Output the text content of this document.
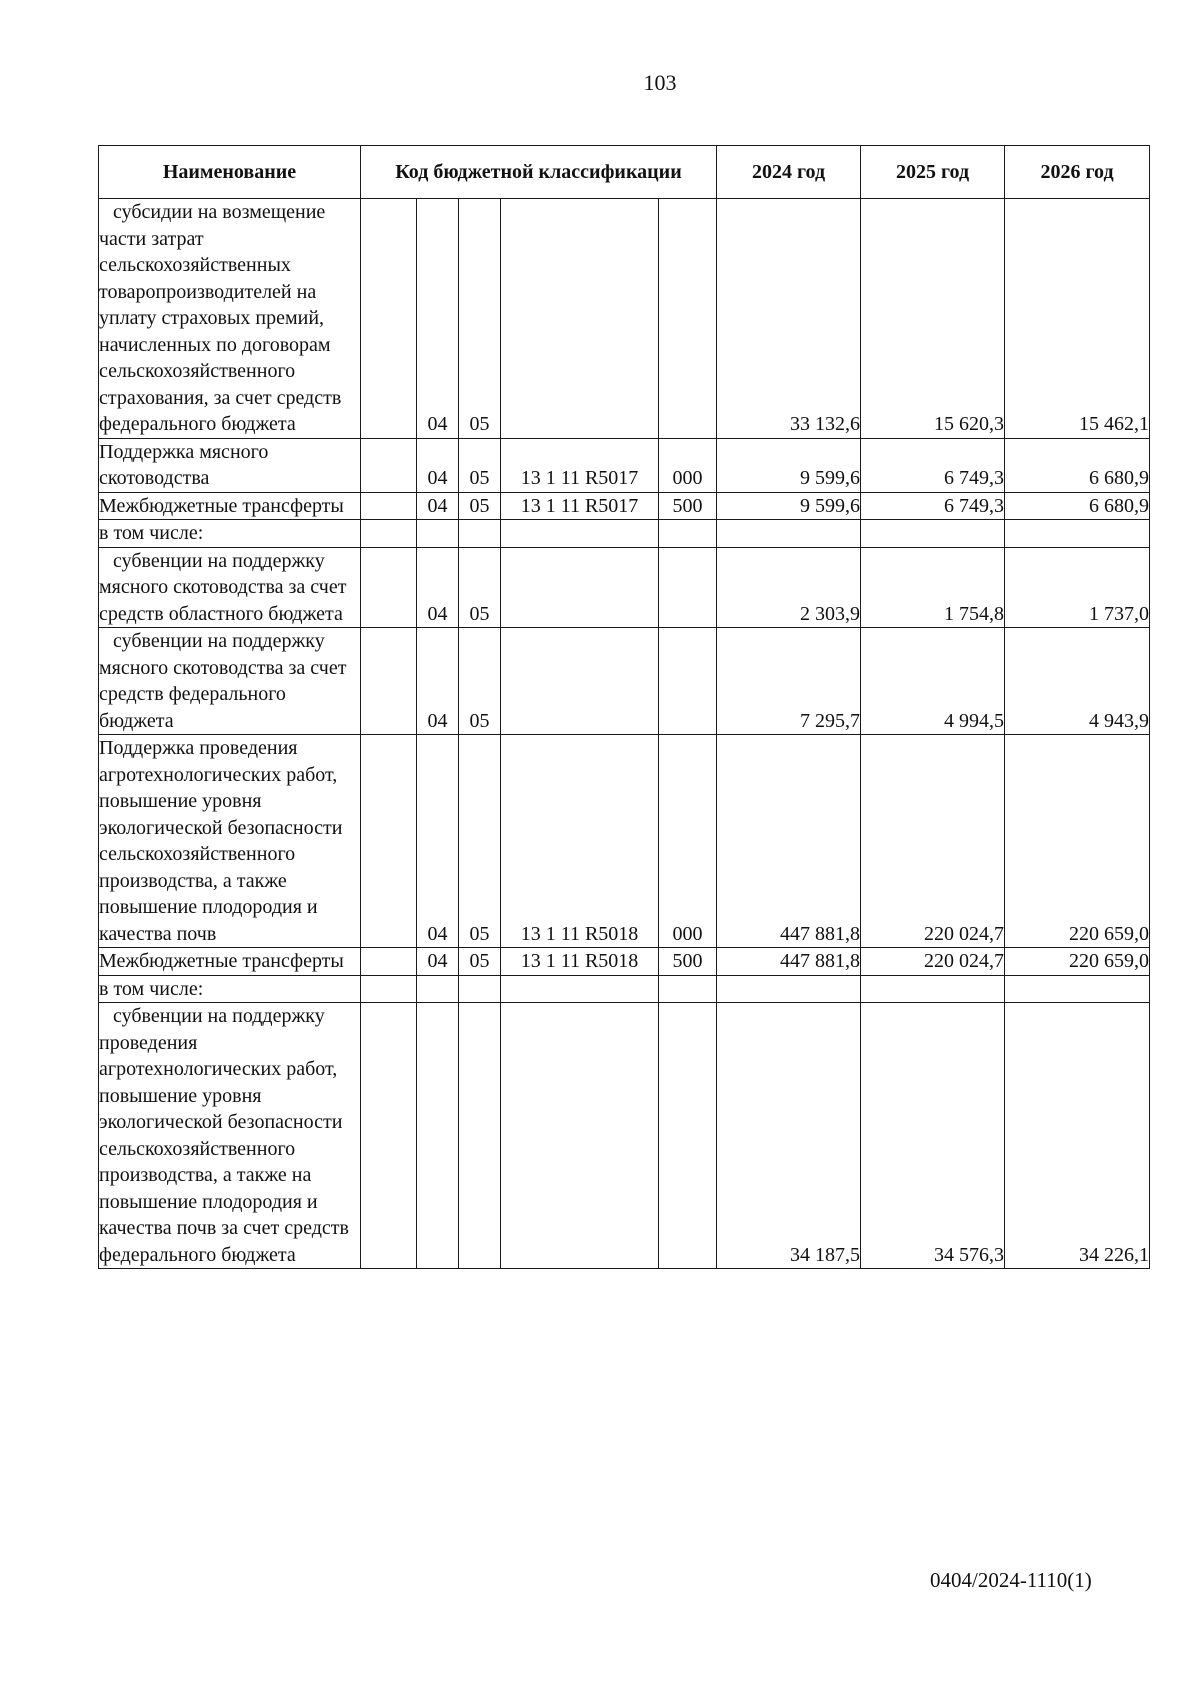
103
Наименование	Код бюджетной классификации					2024 год	2025 год	2026 год
субсидии на возмещение части затрат сельскохозяйственных товаропроизводителей на уплату страховых премий, начисленных по договорам сельскохозяйственного страхования, за счет средств федерального бюджета		04	05			33 132,6	15 620,3	15 462,1
Поддержка мясного скотоводства		04	05	13 1 11 R5017	000	9 599,6	6 749,3	6 680,9
Межбюджетные трансферты		04	05	13 1 11 R5017	500	9 599,6	6 749,3	6 680,9
в том числе:								
субвенции на поддержку мясного скотоводства за счет средств областного бюджета		04	05			2 303,9	1 754,8	1 737,0
субвенции на поддержку мясного скотоводства за счет средств федерального бюджета		04	05			7 295,7	4 994,5	4 943,9
Поддержка проведения агротехнологических работ, повышение уровня экологической безопасности сельскохозяйственного производства, а также повышение плодородия и качества почв		04	05	13 1 11 R5018	000	447 881,8	220 024,7	220 659,0
Межбюджетные трансферты		04	05	13 1 11 R5018	500	447 881,8	220 024,7	220 659,0
в том числе:								
субвенции на поддержку проведения агротехнологических работ, повышение уровня экологической безопасности сельскохозяйственного производства, а также на повышение плодородия и качества почв за счет средств федерального бюджета						34 187,5	34 576,3	34 226,1
0404/2024-1110(1)
